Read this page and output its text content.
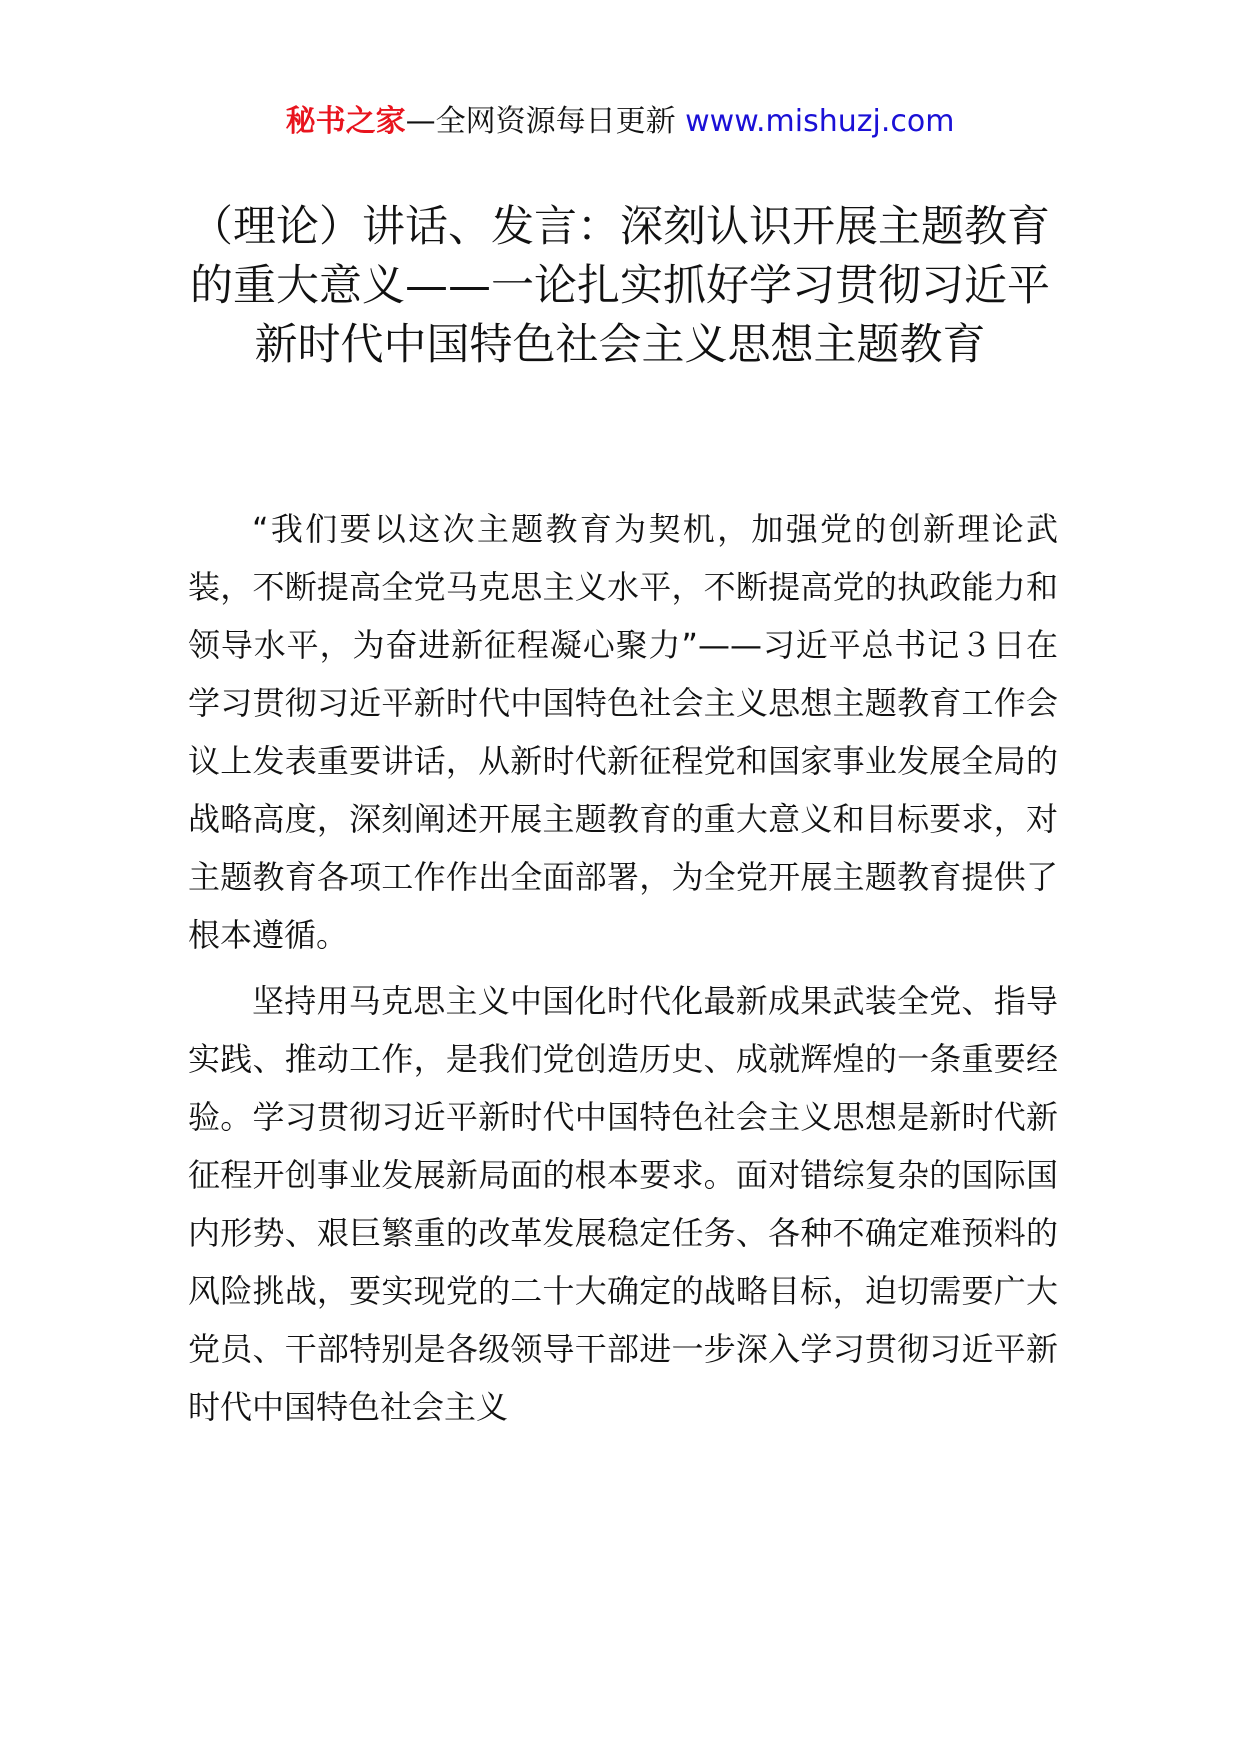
秘书之家—全网资源每日更新 www.mishuzj.com
（理论）讲话、发言：深刻认识开展主题教育的重大意义——一论扎实抓好学习贯彻习近平新时代中国特色社会主义思想主题教育

“我们要以这次主题教育为契机，加强党的创新理论武装，不断提高全党马克思主义水平，不断提高党的执政能力和领导水平，为奋进新征程凝心聚力”——习近平总书记３日在学习贯彻习近平新时代中国特色社会主义思想主题教育工作会议上发表重要讲话，从新时代新征程党和国家事业发展全局的战略高度，深刻阐述开展主题教育的重大意义和目标要求，对主题教育各项工作作出全面部署，为全党开展主题教育提供了根本遵循。

坚持用马克思主义中国化时代化最新成果武装全党、指导实践、推动工作，是我们党创造历史、成就辉煌的一条重要经验。学习贯彻习近平新时代中国特色社会主义思想是新时代新征程开创事业发展新局面的根本要求。面对错综复杂的国际国内形势、艰巨繁重的改革发展稳定任务、各种不确定难预料的风险挑战，要实现党的二十大确定的战略目标，迫切需要广大党员、干部特别是各级领导干部进一步深入学习贯彻习近平新时代中国特色社会主义
